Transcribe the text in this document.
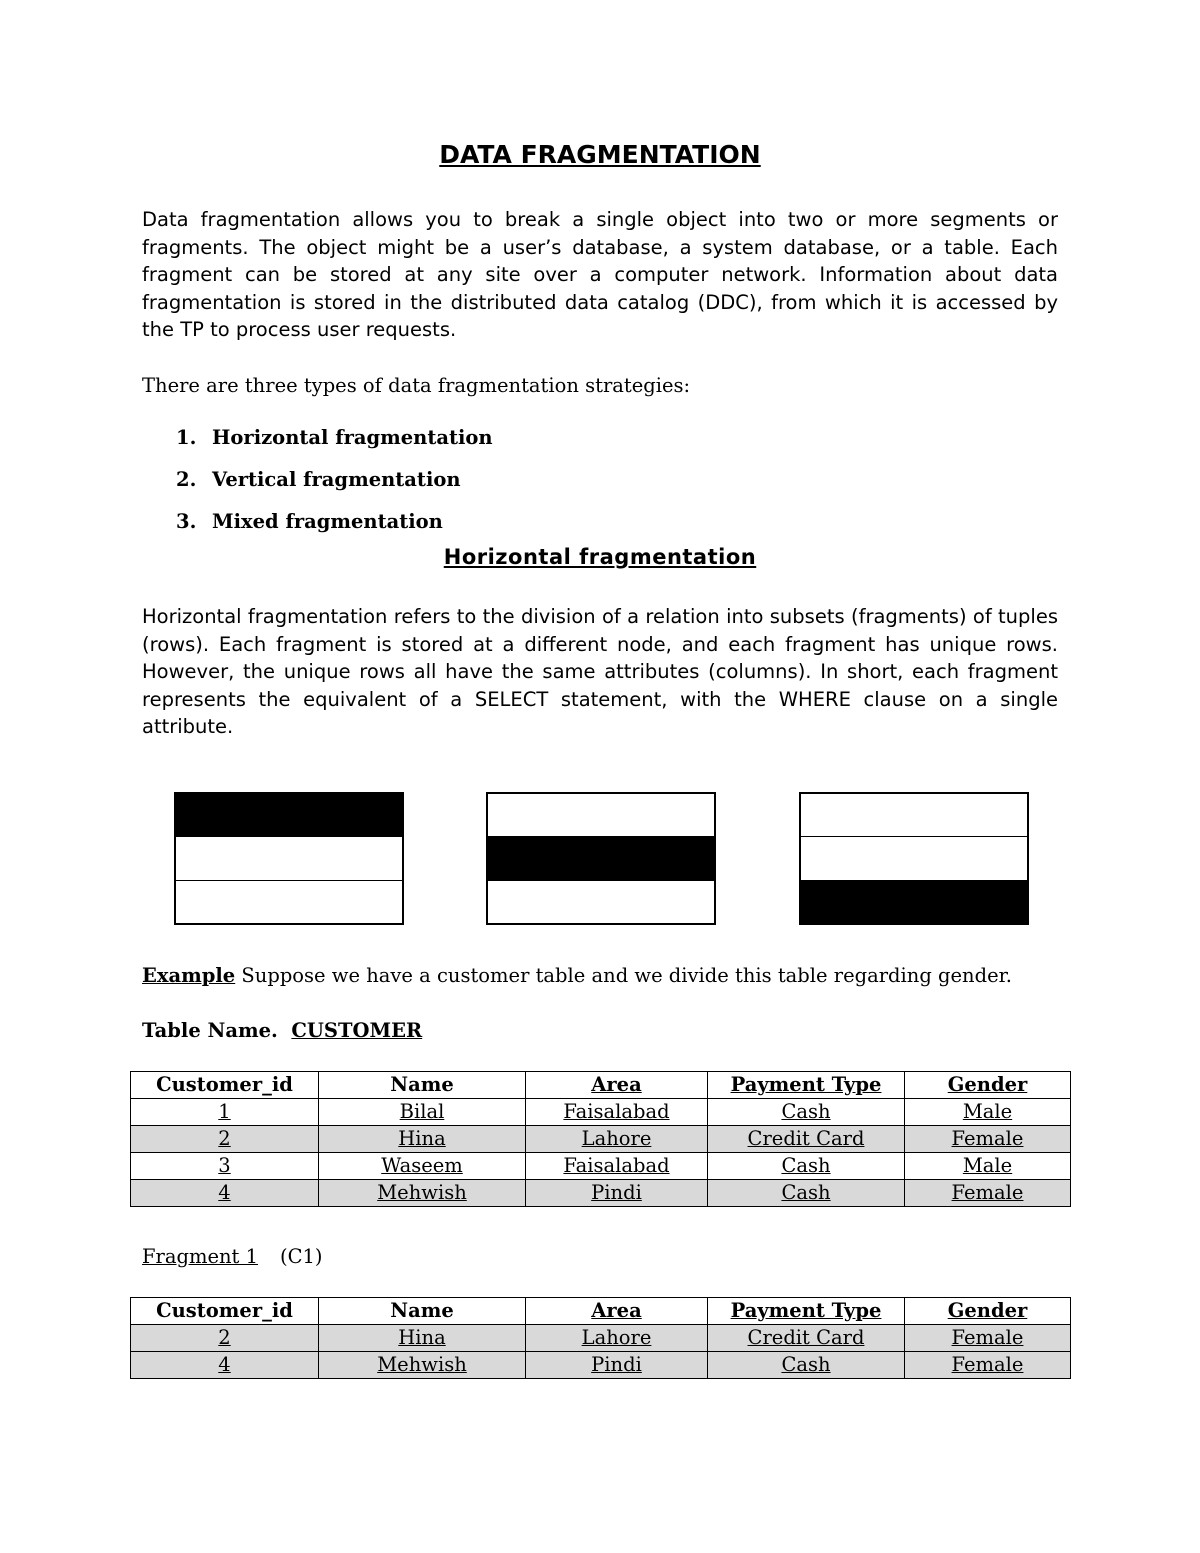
DATA FRAGMENTATION
Data fragmentation allows you to break a single object into two or more segments or fragments. The object might be a user’s database, a system database, or a table. Each fragment can be stored at any site over a computer network. Information about data fragmentation is stored in the distributed data catalog (DDC), from which it is accessed by the TP to process user requests.
There are three types of data fragmentation strategies:
1. Horizontal fragmentation
2. Vertical fragmentation
3. Mixed fragmentation
Horizontal fragmentation
Horizontal fragmentation refers to the division of a relation into subsets (fragments) of tuples (rows). Each fragment is stored at a different node, and each fragment has unique rows. However, the unique rows all have the same attributes (columns). In short, each fragment represents the equivalent of a SELECT statement, with the WHERE clause on a single attribute.
Example Suppose we have a customer table and we divide this table regarding gender.
Table Name. CUSTOMER
Customer_id	Name	Area	Payment Type	Gender
1	Bilal	Faisalabad	Cash	Male
2	Hina	Lahore	Credit Card	Female
3	Waseem	Faisalabad	Cash	Male
4	Mehwish	Pindi	Cash	Female
Fragment 1 (C1)
Customer_id	Name	Area	Payment Type	Gender
2	Hina	Lahore	Credit Card	Female
4	Mehwish	Pindi	Cash	Female
